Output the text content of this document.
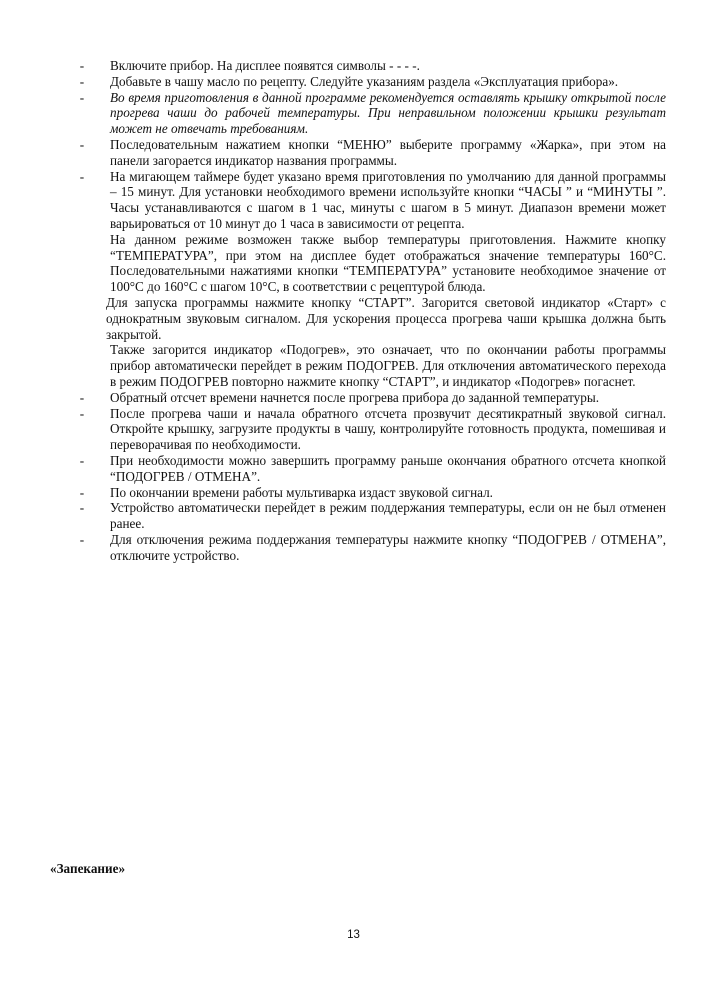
- Включите прибор. На дисплее появятся символы - - - -.
- Добавьте в чашу масло по рецепту. Следуйте указаниям раздела «Эксплуатация прибора».
- Во время приготовления в данной программе рекомендуется оставлять крышку открытой после прогрева чаши до рабочей температуры. При неправильном положении крышки результат может не отвечать требованиям.
- Последовательным нажатием кнопки “МЕНЮ” выберите программу «Жарка», при этом на панели загорается индикатор названия программы.
- На мигающем таймере будет указано время приготовления по умолчанию для данной программы – 15 минут. Для установки необходимого времени используйте кнопки “ЧАСЫ ” и “МИНУТЫ ”. Часы устанавливаются с шагом в 1 час, минуты с шагом в 5 минут. Диапазон времени может варьироваться от 10 минут до 1 часа в зависимости от рецепта.
На данном режиме возможен также выбор температуры приготовления. Нажмите кнопку “ТЕМПЕРАТУРА”, при этом на дисплее будет отображаться значение температуры 160°С. Последовательными нажатиями кнопки “ТЕМПЕРАТУРА” установите необходимое значение от 100°С до 160°С с шагом 10°С, в соответствии с рецептурой блюда.
Для запуска программы нажмите кнопку “СТАРТ”. Загорится световой индикатор «Старт» с однократным звуковым сигналом. Для ускорения процесса прогрева чаши крышка должна быть закрытой.
Также загорится индикатор «Подогрев», это означает, что по окончании работы программы прибор автоматически перейдет в режим ПОДОГРЕВ. Для отключения автоматического перехода в режим ПОДОГРЕВ повторно нажмите кнопку “СТАРТ”, и индикатор «Подогрев» погаснет.
- Обратный отсчет времени начнется после прогрева прибора до заданной температуры.
- После прогрева чаши и начала обратного отсчета прозвучит десятикратный звуковой сигнал. Откройте крышку, загрузите продукты в чашу, контролируйте готовность продукта, помешивая и переворачивая по необходимости.
- При необходимости можно завершить программу раньше окончания обратного отсчета кнопкой “ПОДОГРЕВ / ОТМЕНА”.
- По окончании времени работы мультиварка издаст звуковой сигнал.
- Устройство автоматически перейдет в режим поддержания температуры, если он не был отменен ранее.
- Для отключения режима поддержания температуры нажмите кнопку “ПОДОГРЕВ / ОТМЕНА”, отключите устройство.
«Запекание»
13
